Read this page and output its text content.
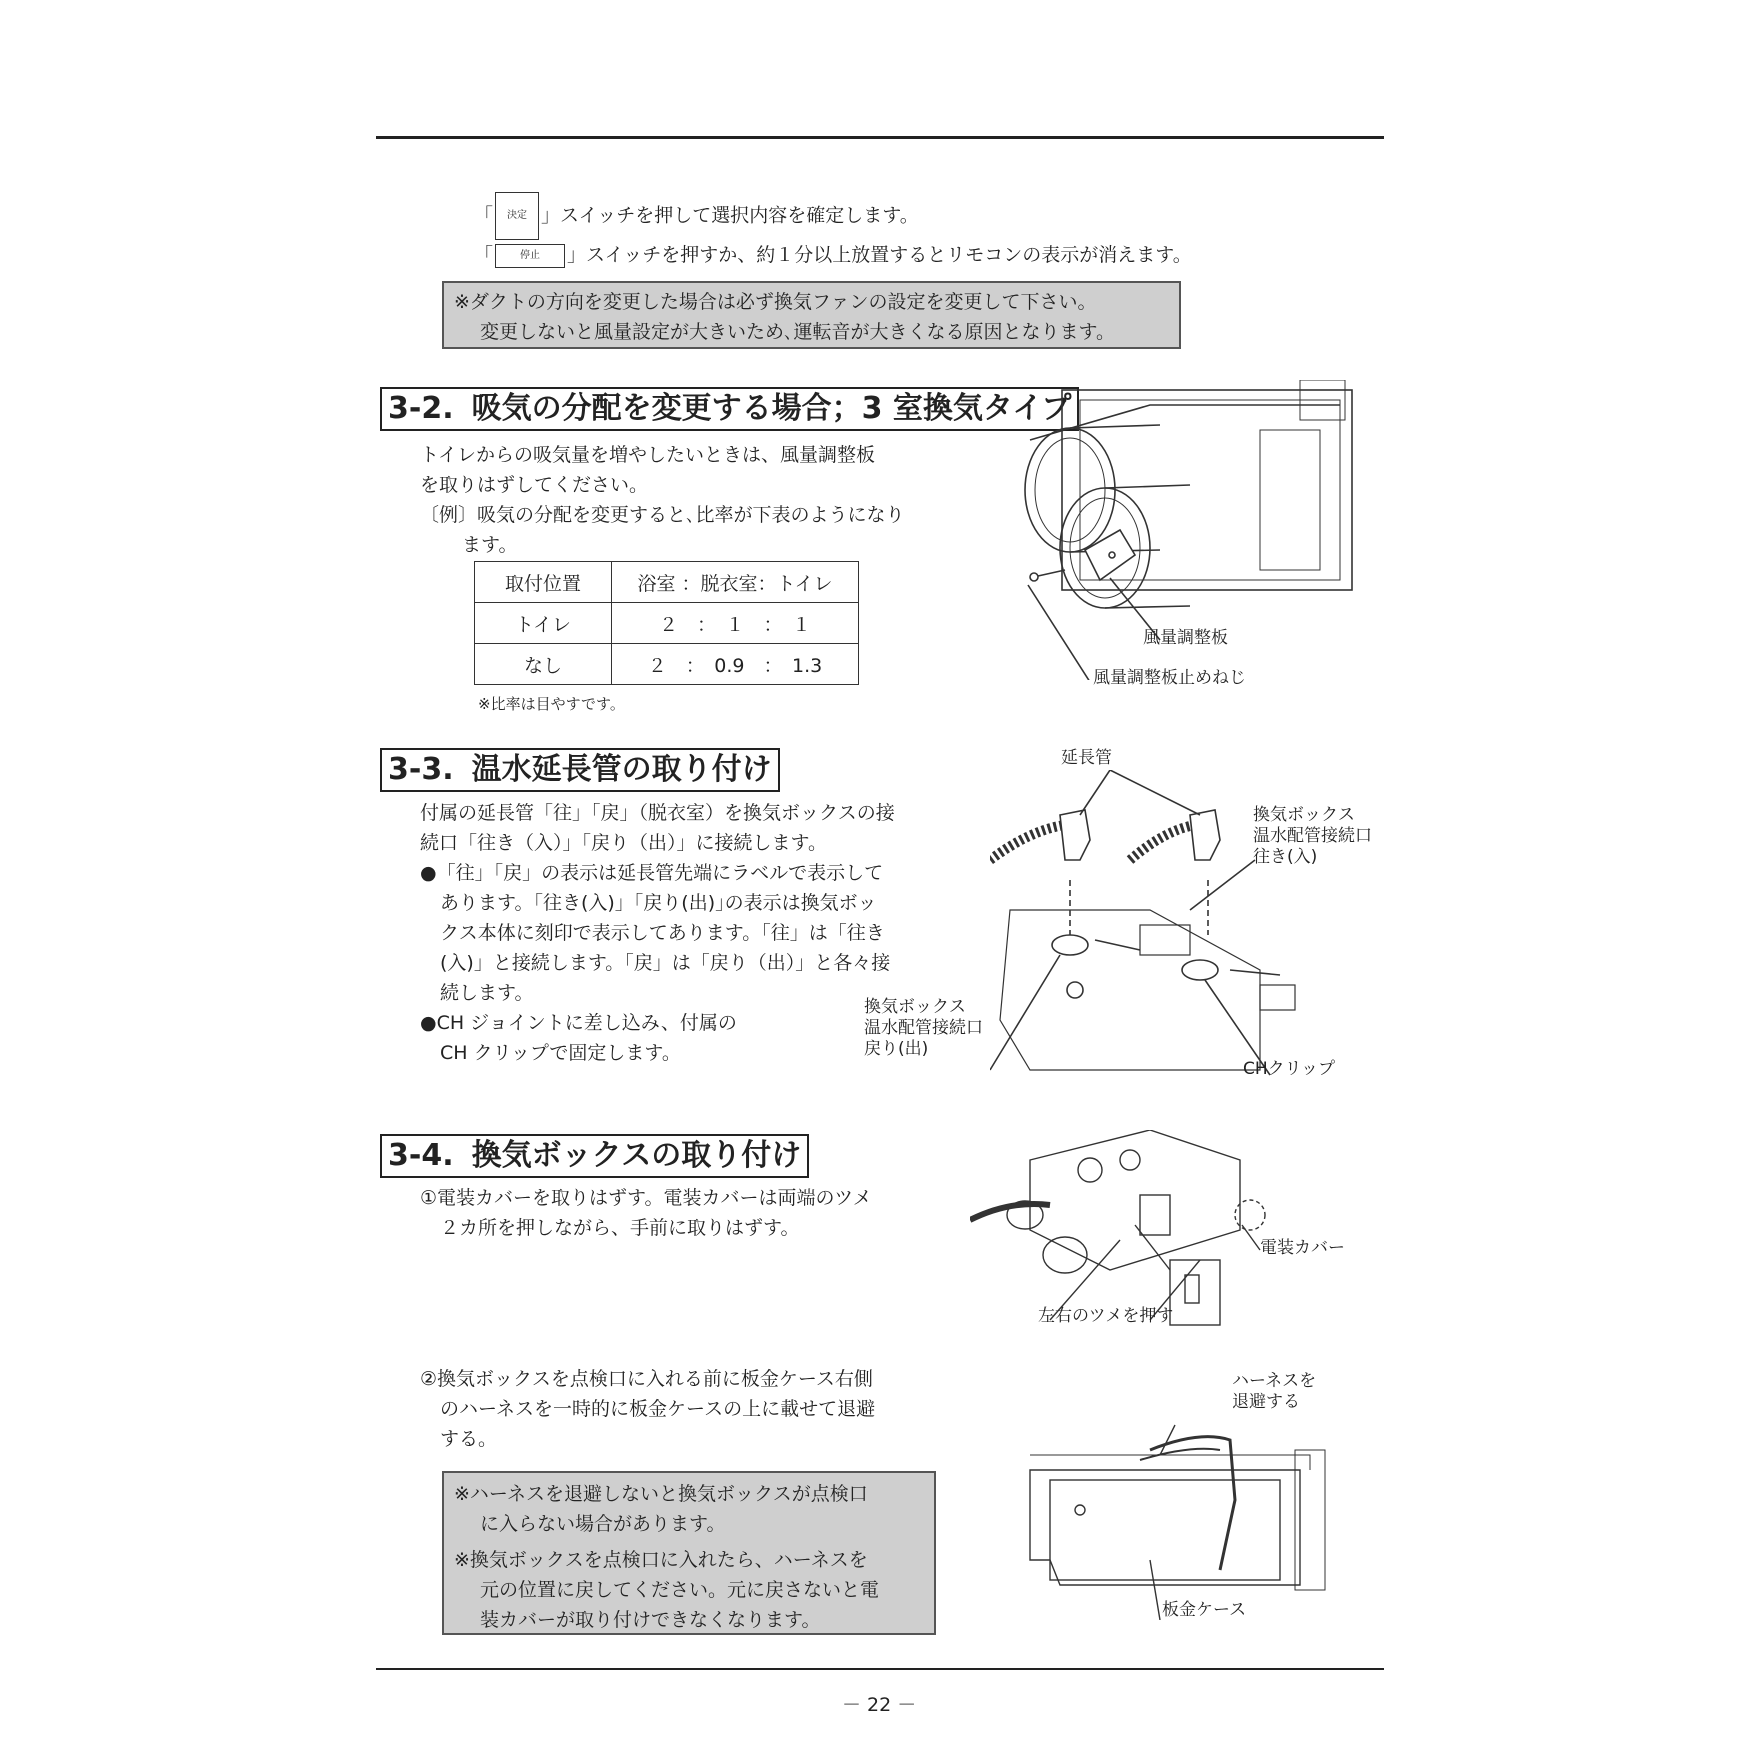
「 決定 」スイッチを押して選択内容を確定します。
「	停止 」スイッチを押すか、約１分以上放置するとリモコンの表示が消えます。
※ダクトの方向を変更した場合は必ず換気ファンの設定を変更して下さい。
変更しないと風量設定が大きいため､運転音が大きくなる原因となります。
3-2. 吸気の分配を変更する場合；3 室換気タイプ
トイレからの吸気量を増やしたいときは、風量調整板
を取りはずしてください。
〔例〕吸気の分配を変更すると､比率が下表のようになり
ます。
取付位置	浴室 ：脱衣室：トイレ
トイレ	２　：　１　：　１
なし	２　：　0.9　：　1.3
※比率は目やすです。
風量調整板
風量調整板止めねじ
3-3. 温水延長管の取り付け
付属の延長管「往」「戻」（脱衣室）を換気ボックスの接
続口「往き（入）」「戻り（出）」に接続します。
●「往」「戻」の表示は延長管先端にラベルで表示して
あります。「往き(入)」｢戻り(出)｣の表示は換気ボッ
クス本体に刻印で表示してあります。「往」は「往き
(入)」と接続します。「戻」は「戻り（出）」と各々接
続します。
●CH ジョイントに差し込み、付属の
CH クリップで固定します。
延長管
換気ボックス
温水配管接続口
往き(入)
換気ボックス
温水配管接続口
戻り(出)
CHクリップ
3-4. 換気ボックスの取り付け
①電装カバーを取りはずす。電装カバーは両端のツメ
２カ所を押しながら、手前に取りはずす。
電装カバー
左右のツメを押す
②換気ボックスを点検口に入れる前に板金ケース右側
のハーネスを一時的に板金ケースの上に載せて退避
する。
※ハーネスを退避しないと換気ボックスが点検口
に入らない場合があります。
※換気ボックスを点検口に入れたら、ハーネスを
元の位置に戻してください。元に戻さないと電
装カバーが取り付けできなくなります。
ハーネスを
退避する
板金ケース
－ 22 －
